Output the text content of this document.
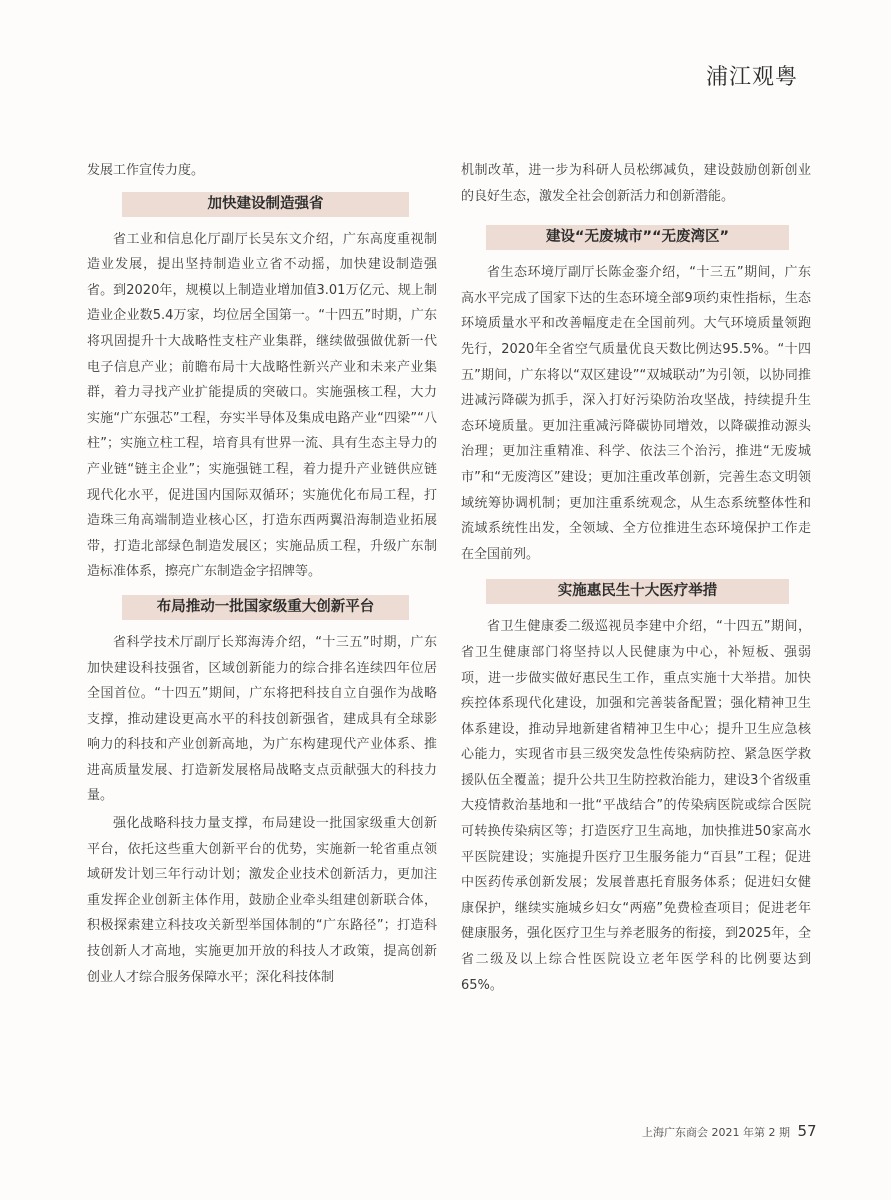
浦江观粤

发展工作宣传力度。

加快建设制造强省

省工业和信息化厅副厅长吴东文介绍，广东高度重视制造业发展，提出坚持制造业立省不动摇，加快建设制造强省。到2020年，规模以上制造业增加值3.01万亿元、规上制造业企业数5.4万家，均位居全国第一。“十四五”时期，广东将巩固提升十大战略性支柱产业集群，继续做强做优新一代电子信息产业；前瞻布局十大战略性新兴产业和未来产业集群，着力寻找产业扩能提质的突破口。实施强核工程，大力实施“广东强芯”工程，夯实半导体及集成电路产业“四梁”“八柱”；实施立柱工程，培育具有世界一流、具有生态主导力的产业链“链主企业”；实施强链工程，着力提升产业链供应链现代化水平，促进国内国际双循环；实施优化布局工程，打造珠三角高端制造业核心区，打造东西两翼沿海制造业拓展带，打造北部绿色制造发展区；实施品质工程，升级广东制造标准体系，擦亮广东制造金字招牌等。

布局推动一批国家级重大创新平台

省科学技术厅副厅长郑海涛介绍，“十三五”时期，广东加快建设科技强省，区域创新能力的综合排名连续四年位居全国首位。“十四五”期间，广东将把科技自立自强作为战略支撑，推动建设更高水平的科技创新强省，建成具有全球影响力的科技和产业创新高地，为广东构建现代产业体系、推进高质量发展、打造新发展格局战略支点贡献强大的科技力量。

强化战略科技力量支撑，布局建设一批国家级重大创新平台，依托这些重大创新平台的优势，实施新一轮省重点领域研发计划三年行动计划；激发企业技术创新活力，更加注重发挥企业创新主体作用，鼓励企业牵头组建创新联合体，积极探索建立科技攻关新型举国体制的“广东路径”；打造科技创新人才高地，实施更加开放的科技人才政策，提高创新创业人才综合服务保障水平；深化科技体制

机制改革，进一步为科研人员松绑减负，建设鼓励创新创业的良好生态，激发全社会创新活力和创新潜能。

建设“无废城市”“无废湾区”

省生态环境厅副厅长陈金銮介绍，“十三五”期间，广东高水平完成了国家下达的生态环境全部9项约束性指标，生态环境质量水平和改善幅度走在全国前列。大气环境质量领跑先行，2020年全省空气质量优良天数比例达95.5%。“十四五”期间，广东将以“双区建设”“双城联动”为引领，以协同推进减污降碳为抓手，深入打好污染防治攻坚战，持续提升生态环境质量。更加注重减污降碳协同增效，以降碳推动源头治理；更加注重精准、科学、依法三个治污，推进“无废城市”和“无废湾区”建设；更加注重改革创新，完善生态文明领域统筹协调机制；更加注重系统观念，从生态系统整体性和流域系统性出发，全领域、全方位推进生态环境保护工作走在全国前列。

实施惠民生十大医疗举措

省卫生健康委二级巡视员李建中介绍，“十四五”期间，省卫生健康部门将坚持以人民健康为中心，补短板、强弱项，进一步做实做好惠民生工作，重点实施十大举措。加快疾控体系现代化建设，加强和完善装备配置；强化精神卫生体系建设，推动异地新建省精神卫生中心；提升卫生应急核心能力，实现省市县三级突发急性传染病防控、紧急医学救援队伍全覆盖；提升公共卫生防控救治能力，建设3个省级重大疫情救治基地和一批“平战结合”的传染病医院或综合医院可转换传染病区等；打造医疗卫生高地，加快推进50家高水平医院建设；实施提升医疗卫生服务能力“百县”工程；促进中医药传承创新发展；发展普惠托育服务体系；促进妇女健康保护，继续实施城乡妇女“两癌”免费检查项目；促进老年健康服务，强化医疗卫生与养老服务的衔接，到2025年，全省二级及以上综合性医院设立老年医学科的比例要达到65%。

上海广东商会 2021 年第 2 期 57
